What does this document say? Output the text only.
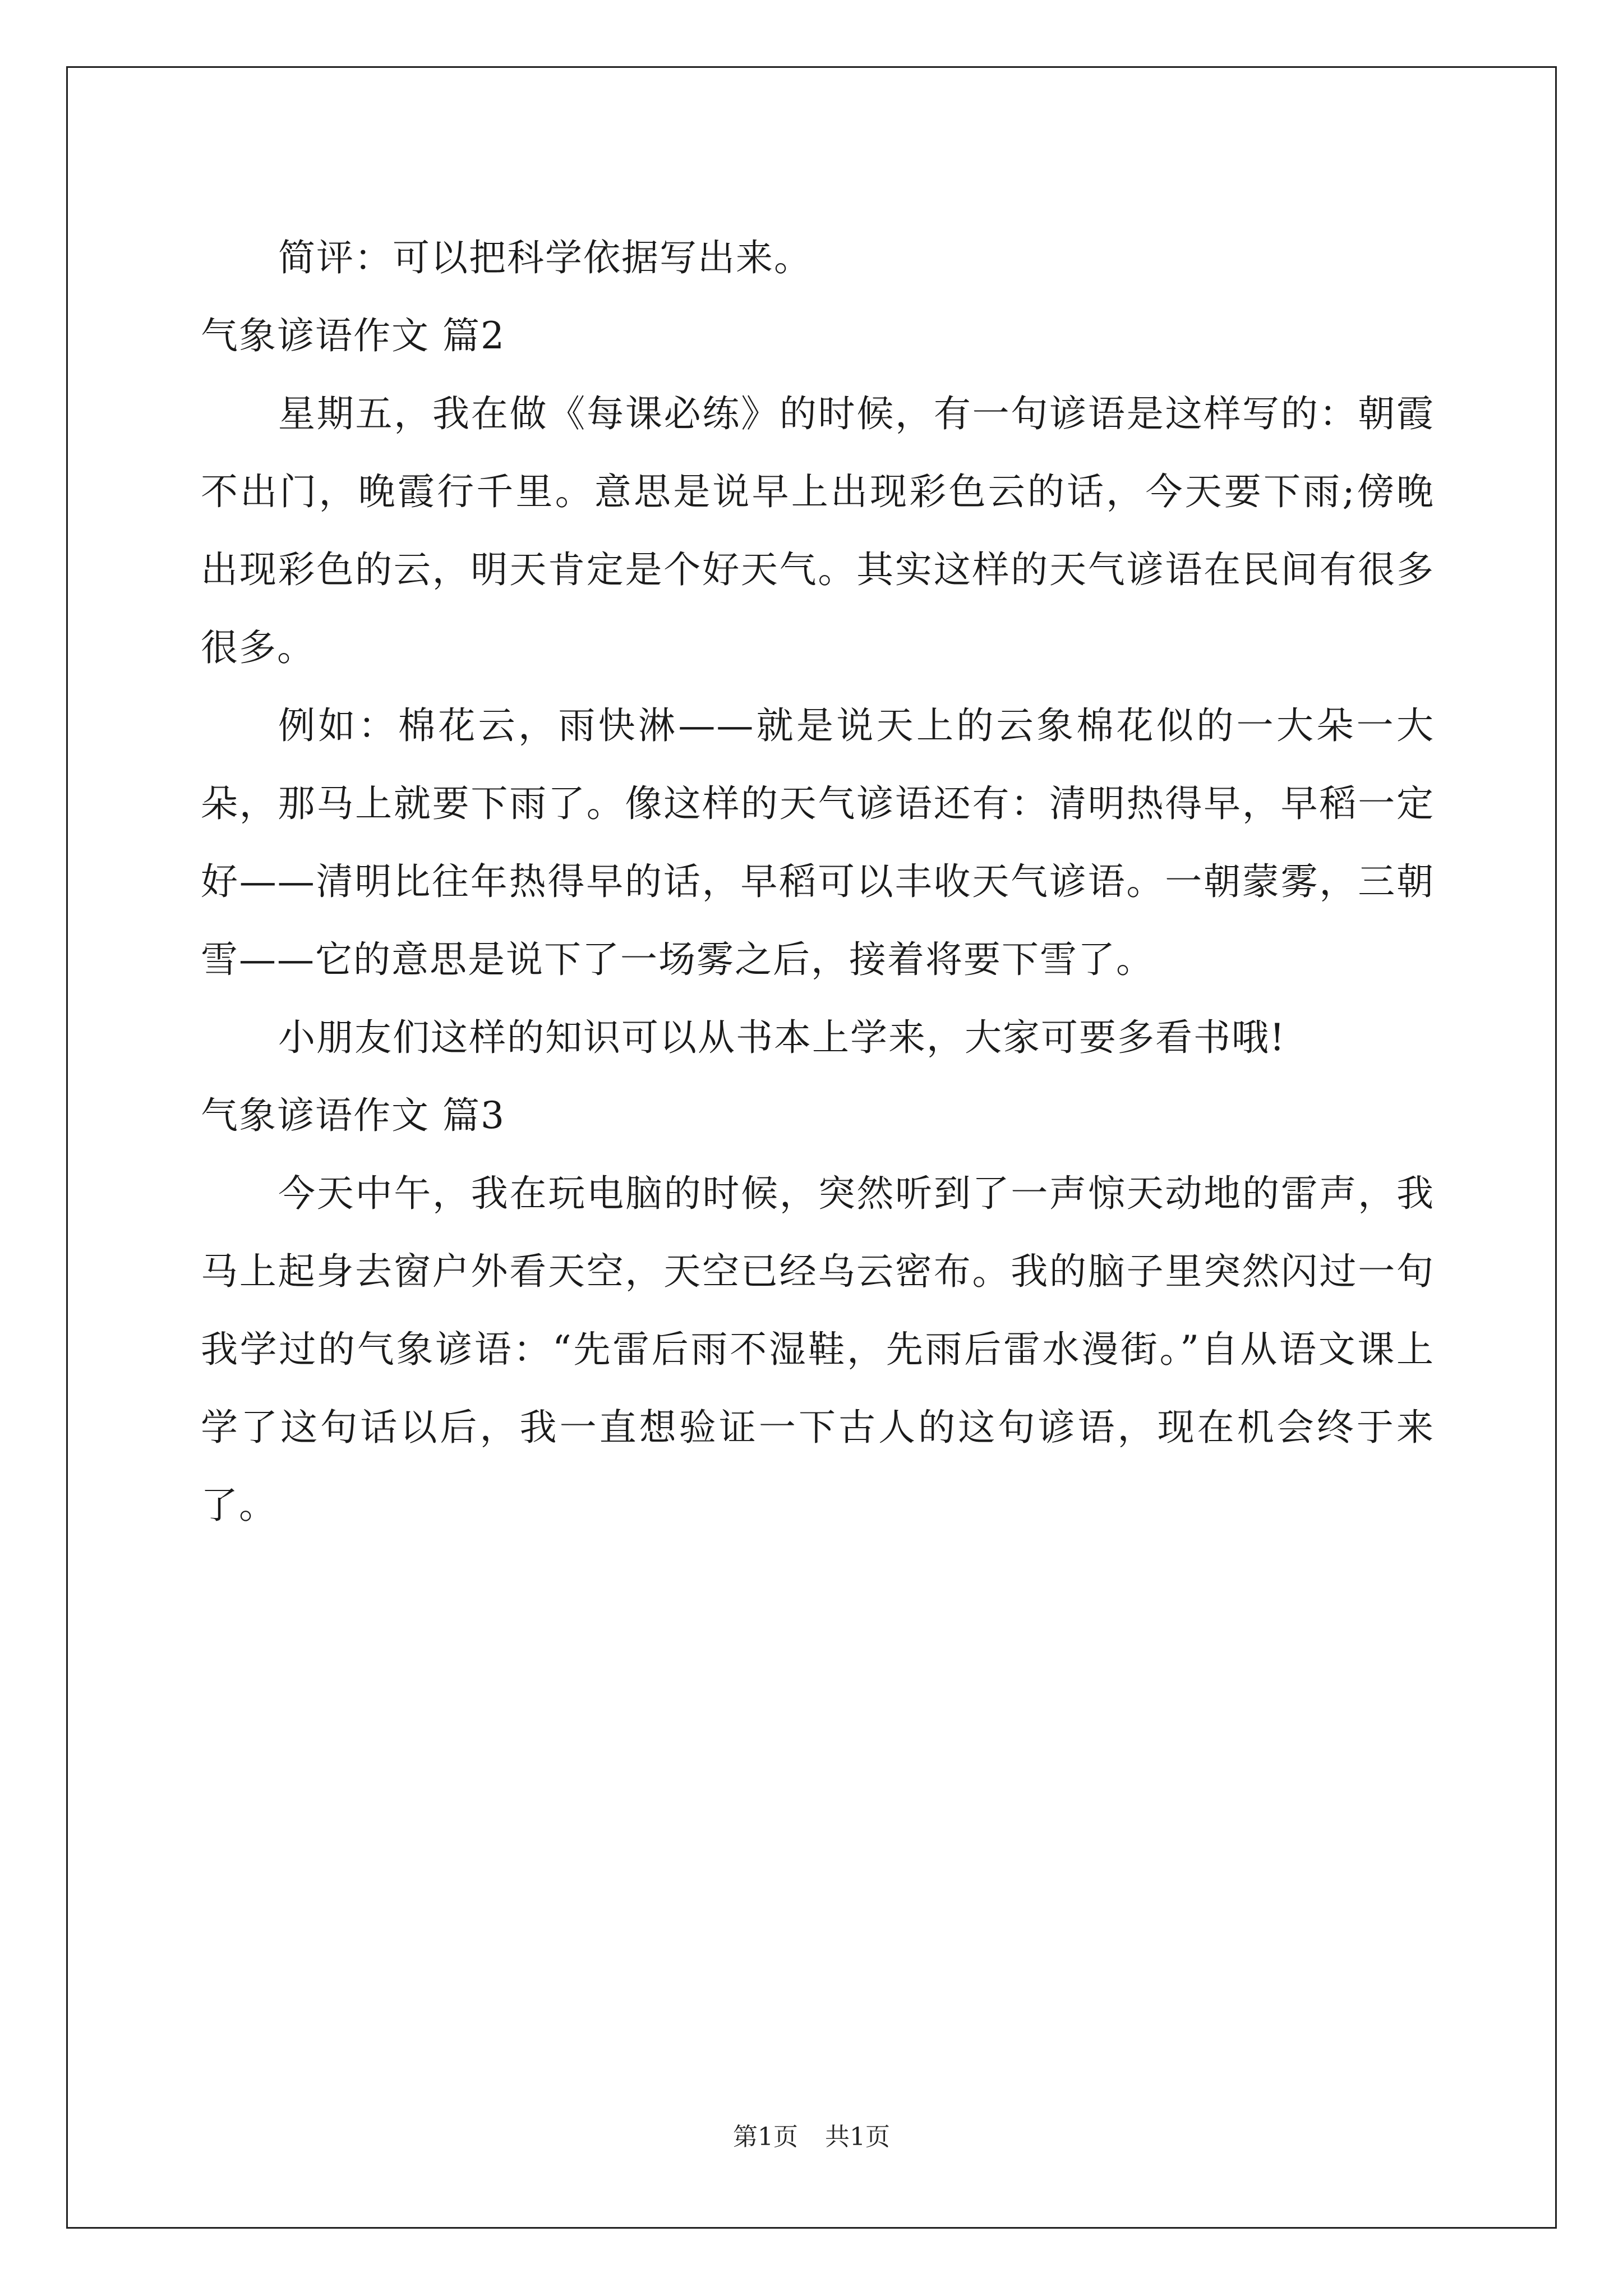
简评：可以把科学依据写出来。

气象谚语作文 篇2

星期五，我在做《每课必练》的时候，有一句谚语是这样写的：朝霞不出门，晚霞行千里。意思是说早上出现彩色云的话，今天要下雨;傍晚出现彩色的云，明天肯定是个好天气。其实这样的天气谚语在民间有很多很多。

例如：棉花云，雨快淋——就是说天上的云象棉花似的一大朵一大朵，那马上就要下雨了。像这样的天气谚语还有：清明热得早，早稻一定好——清明比往年热得早的话，早稻可以丰收天气谚语。一朝蒙雾，三朝雪——它的意思是说下了一场雾之后，接着将要下雪了。

小朋友们这样的知识可以从书本上学来，大家可要多看书哦!

气象谚语作文 篇3

今天中午，我在玩电脑的时候，突然听到了一声惊天动地的雷声，我马上起身去窗户外看天空，天空已经乌云密布。我的脑子里突然闪过一句我学过的气象谚语：“先雷后雨不湿鞋，先雨后雷水漫街。”自从语文课上学了这句话以后，我一直想验证一下古人的这句谚语，现在机会终于来了。

第1页 共1页
